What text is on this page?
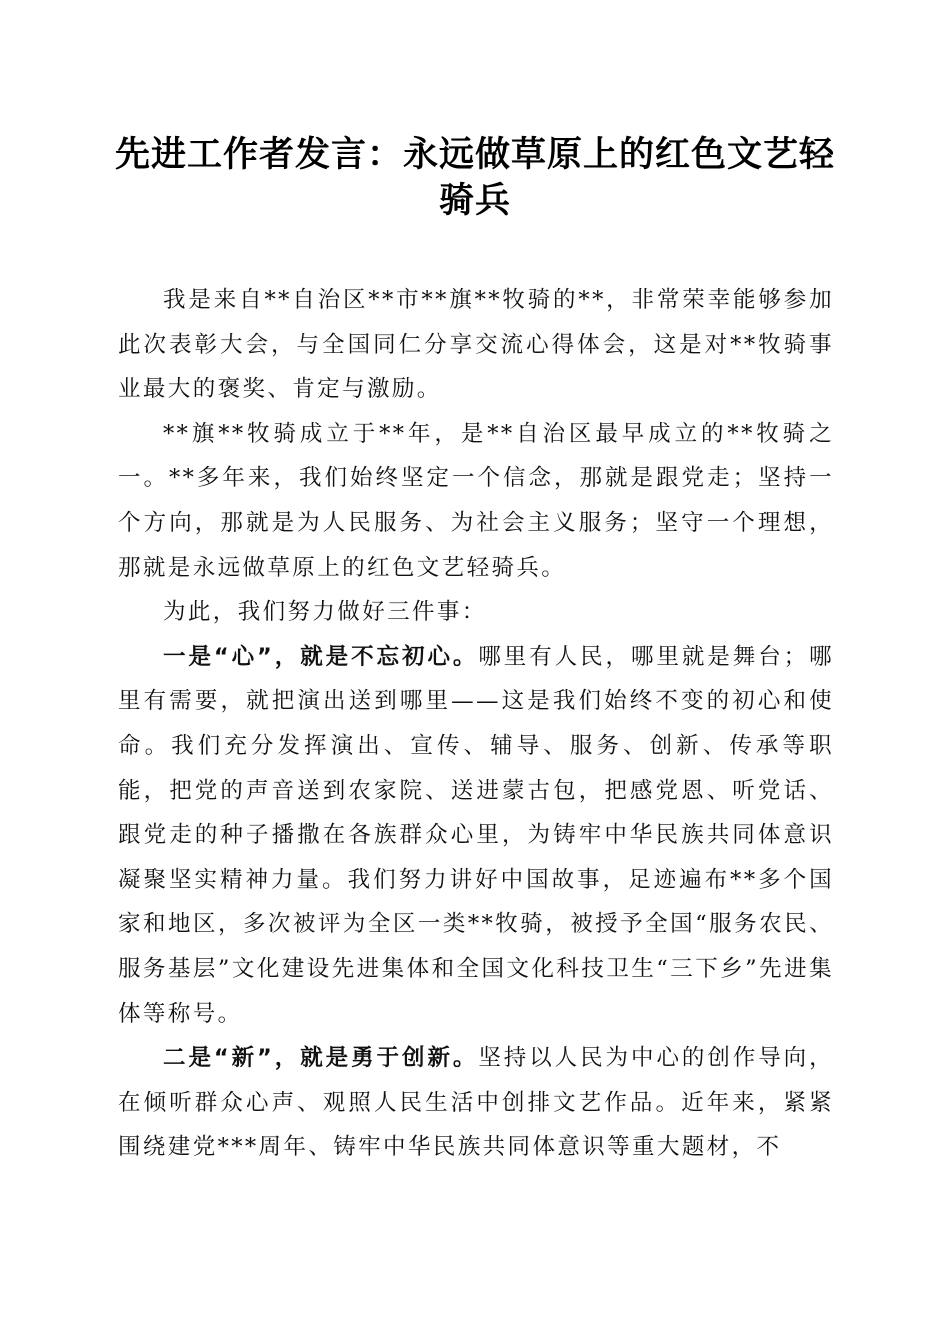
先进工作者发言：永远做草原上的红色文艺轻骑兵

我是来自**自治区**市**旗**牧骑的**，非常荣幸能够参加此次表彰大会，与全国同仁分享交流心得体会，这是对**牧骑事业最大的褒奖、肯定与激励。

**旗**牧骑成立于**年，是**自治区最早成立的**牧骑之一。**多年来，我们始终坚定一个信念，那就是跟党走；坚持一个方向，那就是为人民服务、为社会主义服务；坚守一个理想，那就是永远做草原上的红色文艺轻骑兵。

为此，我们努力做好三件事：

一是“心”，就是不忘初心。哪里有人民，哪里就是舞台；哪里有需要，就把演出送到哪里——这是我们始终不变的初心和使命。我们充分发挥演出、宣传、辅导、服务、创新、传承等职能，把党的声音送到农家院、送进蒙古包，把感党恩、听党话、跟党走的种子播撒在各族群众心里，为铸牢中华民族共同体意识凝聚坚实精神力量。我们努力讲好中国故事，足迹遍布**多个国家和地区，多次被评为全区一类**牧骑，被授予全国“服务农民、服务基层”文化建设先进集体和全国文化科技卫生“三下乡”先进集体等称号。

二是“新”，就是勇于创新。坚持以人民为中心的创作导向，在倾听群众心声、观照人民生活中创排文艺作品。近年来，紧紧围绕建党***周年、铸牢中华民族共同体意识等重大题材，不
